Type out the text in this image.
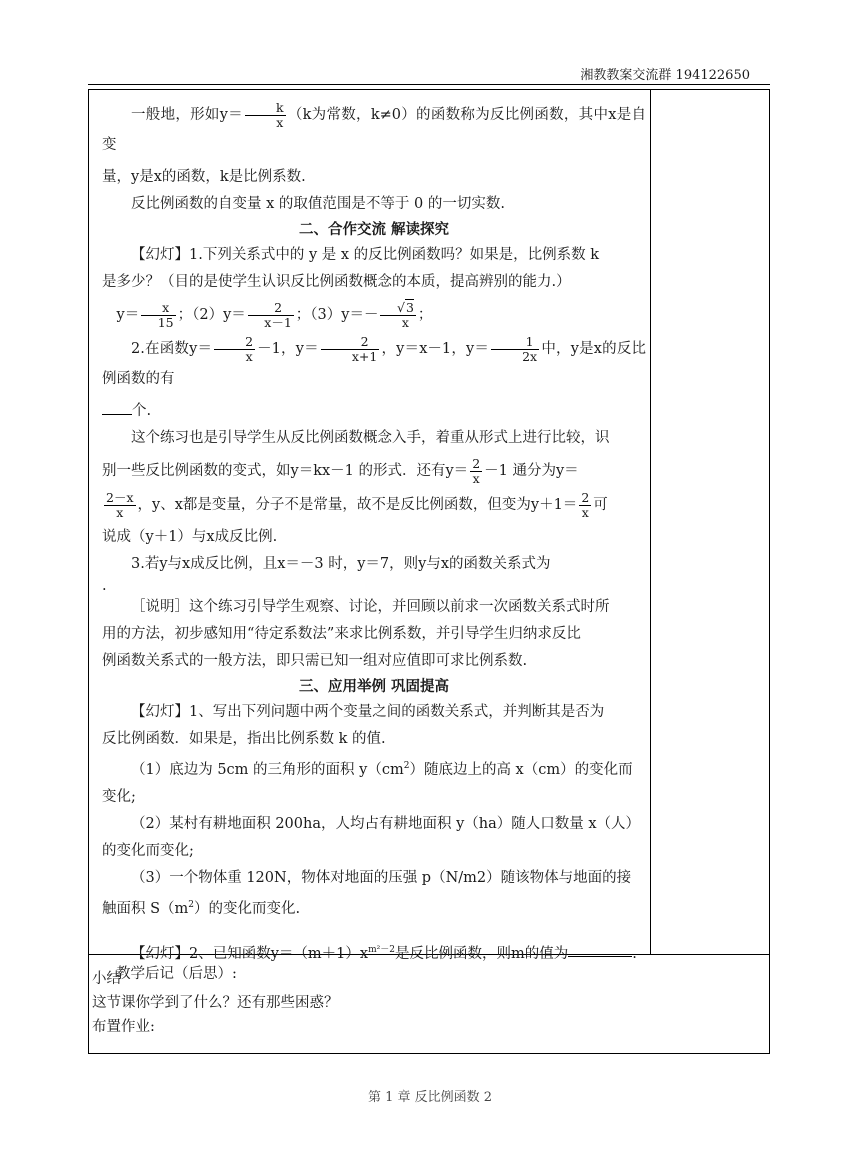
湘教教案交流群 194122650

一般地，形如$y= \frac{k}{x} (k$为常数，k≠0）的函数称为反比例函数，其中x是自变

量，y是x的函数，k是比例系数.

反比例函数的自变量 x 的取值范围是不等于 0 的一切实数.

二、合作交流 解读探究

【幻灯】1.下列关系式中的 y 是 x 的反比例函数吗？如果是，比例系数 k

是多少？（目的是使学生认识反比例函数概念的本质，提高辨别的能力.）

$y= \frac{x}{15}$ ；$(2)y= \frac{2}{x-1}$ ；$(3)y=- \frac{√3}{x}$ ；

2.在函数$y= \frac{2}{x} -1$，$y= \frac{2}{x+1}$ ，y＝x－1，$y= \frac{1}{2x}$ 中，y是x的反比例函数的有

个.

这个练习也是引导学生从反比例函数概念入手，着重从形式上进行比较，识

别一些反比例函数的变式，如y＝kx－1 的形式．还有$y= \frac{2}{x} -1$ 通分为y＝

$\frac{2-x}{x}$ ，y、x都是变量，分子不是常量，故不是反比例函数，但变为$y+1= \frac{2}{x}$ 可

说成（y＋1）与x成反比例.

3.若y与x成反比例，且x＝－3 时，y＝7，则y与x的函数关系式为

.

［说明］这个练习引导学生观察、讨论，并回顾以前求一次函数关系式时所

用的方法，初步感知用“待定系数法”来求比例系数，并引导学生归纳求反比

例函数关系式的一般方法，即只需已知一组对应值即可求比例系数.

三、应用举例 巩固提高

【幻灯】1、写出下列问题中两个变量之间的函数关系式，并判断其是否为

反比例函数．如果是，指出比例系数 k 的值.

（1）底边为 5cm 的三角形的面积 $y(cm^2)$随底边上的高 x（cm）的变化而

变化;

（2）某村有耕地面积 200ha，人均占有耕地面积 y（ha）随人口数量 x（人）

的变化而变化;

（3）一个物体重 120N，物体对地面的压强 p（N/m2）随该物体与地面的接

触面积 $S(m^2)$的变化而变化.

【幻灯】2、已知函数$y=(m+1)x^{m^2-2}$是反比例函数，则m的值为	.

小结

这节课你学到了什么？还有那些困惑？

布置作业:

教学后记（后思）:
第 1 章 反比例函数 2
